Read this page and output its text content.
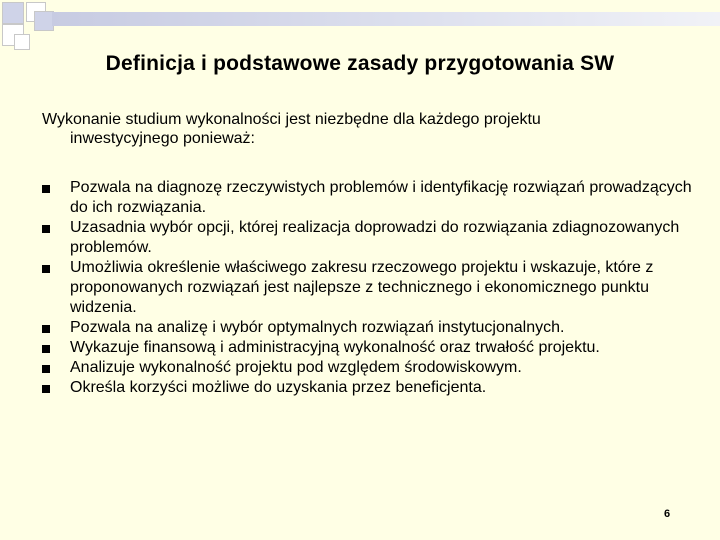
Definicja i podstawowe zasady przygotowania SW
Wykonanie studium wykonalności jest niezbędne dla każdego projektu
inwestycyjnego ponieważ:
Pozwala na diagnozę rzeczywistych problemów i identyfikację rozwiązań prowadzących do ich rozwiązania.
Uzasadnia wybór opcji, której realizacja doprowadzi do rozwiązania zdiagnozowanych problemów.
Umożliwia określenie właściwego zakresu rzeczowego projektu i wskazuje, które z proponowanych rozwiązań jest najlepsze z technicznego i ekonomicznego punktu widzenia.
Pozwala na analizę i wybór optymalnych rozwiązań instytucjonalnych.
Wykazuje finansową i administracyjną wykonalność oraz trwałość projektu.
Analizuje wykonalność projektu pod względem środowiskowym.
Określa korzyści możliwe do uzyskania przez beneficjenta.
6
